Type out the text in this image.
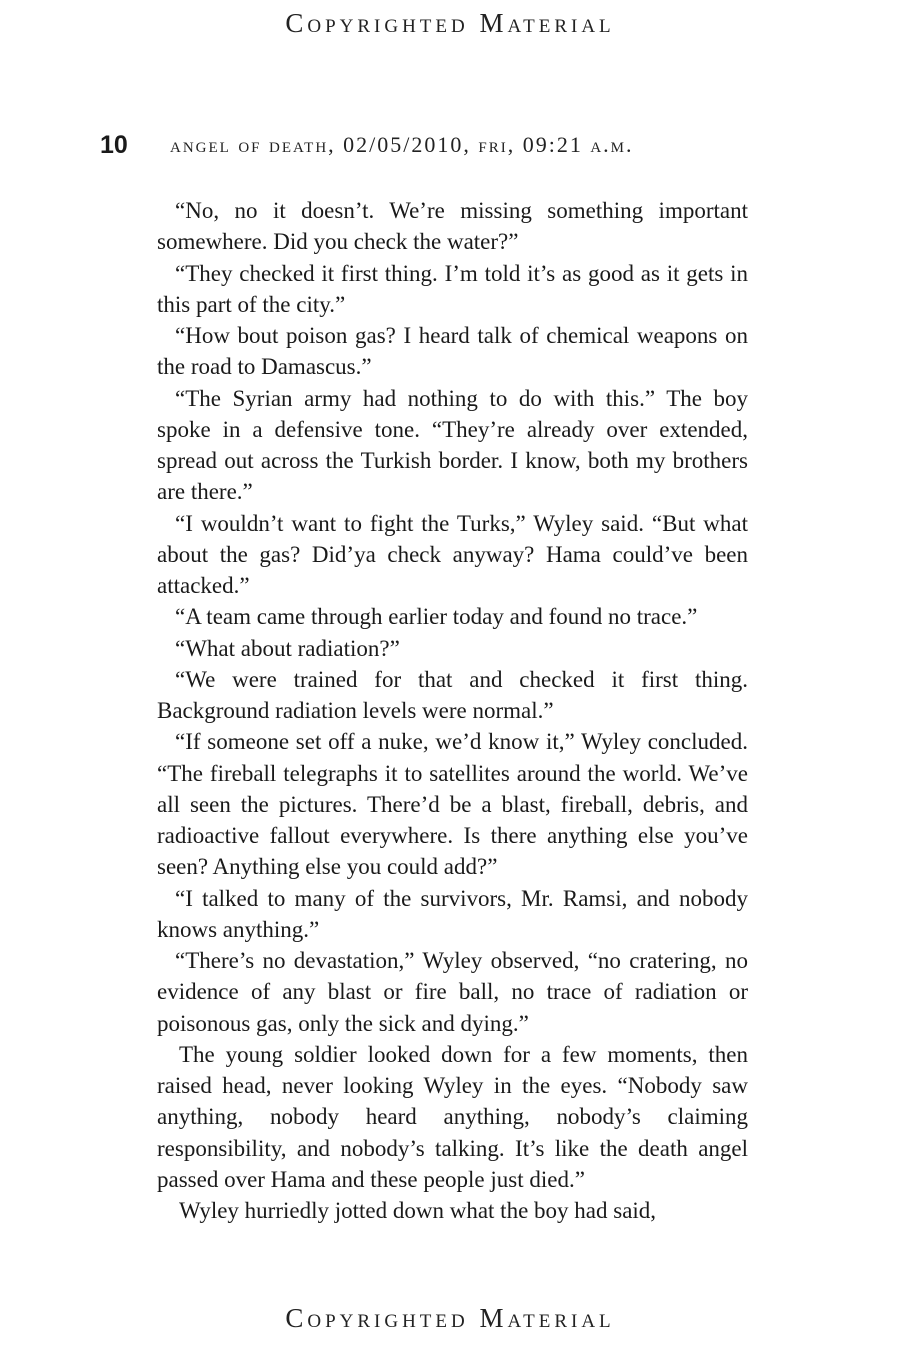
Copyrighted Material
10 angel of death, 02/05/2010, fri, 09:21 a.m.

“No, no it doesn’t. We’re missing something important somewhere. Did you check the water?”

“They checked it first thing. I’m told it’s as good as it gets in this part of the city.”

“How bout poison gas? I heard talk of chemical weapons on the road to Damascus.”

“The Syrian army had nothing to do with this.” The boy spoke in a defensive tone. “They’re already over extended, spread out across the Turkish border. I know, both my brothers are there.”

“I wouldn’t want to fight the Turks,” Wyley said. “But what about the gas? Did’ya check anyway? Hama could’ve been attacked.”

“A team came through earlier today and found no trace.”

“What about radiation?”

“We were trained for that and checked it first thing. Background radiation levels were normal.”

“If someone set off a nuke, we’d know it,” Wyley concluded. “The fireball telegraphs it to satellites around the world. We’ve all seen the pictures. There’d be a blast, fireball, debris, and radioactive fallout everywhere. Is there anything else you’ve seen? Anything else you could add?”

“I talked to many of the survivors, Mr. Ramsi, and nobody knows anything.”

“There’s no devastation,” Wyley observed, “no cratering, no evidence of any blast or fire ball, no trace of radiation or poisonous gas, only the sick and dying.”

The young soldier looked down for a few moments, then raised head, never looking Wyley in the eyes. “Nobody saw anything, nobody heard anything, nobody’s claiming responsibility, and nobody’s talking. It’s like the death angel passed over Hama and these people just died.”

Wyley hurriedly jotted down what the boy had said,

Copyrighted Material
